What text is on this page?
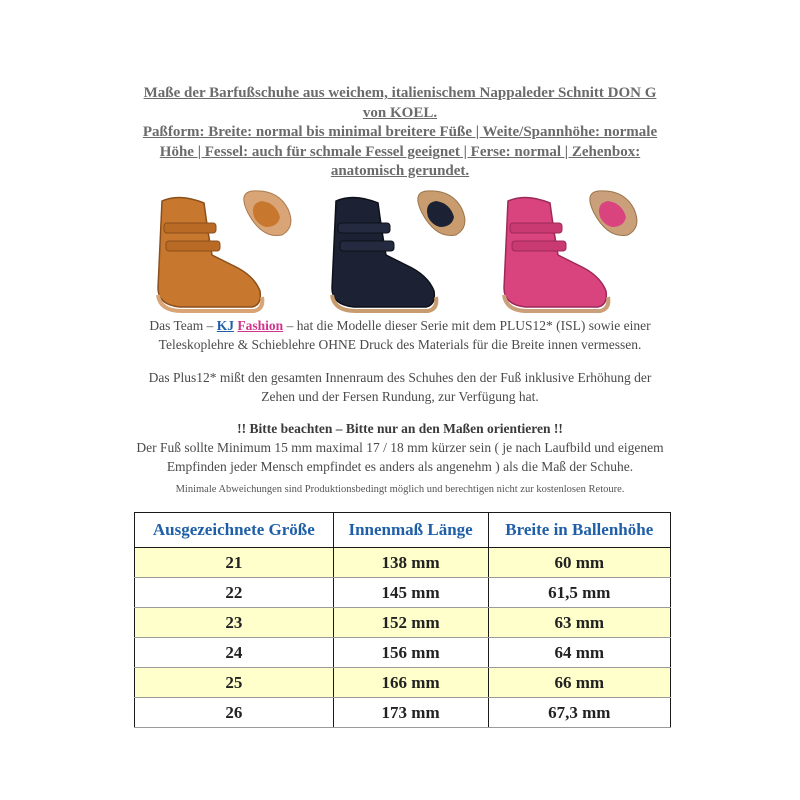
Maße der Barfußschuhe aus weichem, italienischem Nappaleder Schnitt DON G
von KOEL.
Paßform: Breite: normal bis minimal breitere Füße | Weite/Spannhöhe: normale
Höhe | Fessel: auch für schmale Fessel geeignet | Ferse: normal | Zehenbox:
anatomisch gerundet.
Das Team – KJ Fashion – hat die Modelle dieser Serie mit dem PLUS12* (ISL) sowie einer
Teleskoplehre & Schieblehre OHNE Druck des Materials für die Breite innen vermessen.
Das Plus12* mißt den gesamten Innenraum des Schuhes den der Fuß inklusive Erhöhung der
Zehen und der Fersen Rundung, zur Verfügung hat.
!! Bitte beachten – Bitte nur an den Maßen orientieren !!
Der Fuß sollte Minimum 15 mm maximal 17 / 18 mm kürzer sein ( je nach Laufbild und eigenem
Empfinden jeder Mensch empfindet es anders als angenehm ) als die Maß der Schuhe.
Minimale Abweichungen sind Produktionsbedingt möglich und berechtigen nicht zur kostenlosen Retoure.
Ausgezeichnete Größe	Innenmaß Länge	Breite in Ballenhöhe
21	138 mm	60 mm
22	145 mm	61,5 mm
23	152 mm	63 mm
24	156 mm	64 mm
25	166 mm	66 mm
26	173 mm	67,3 mm
